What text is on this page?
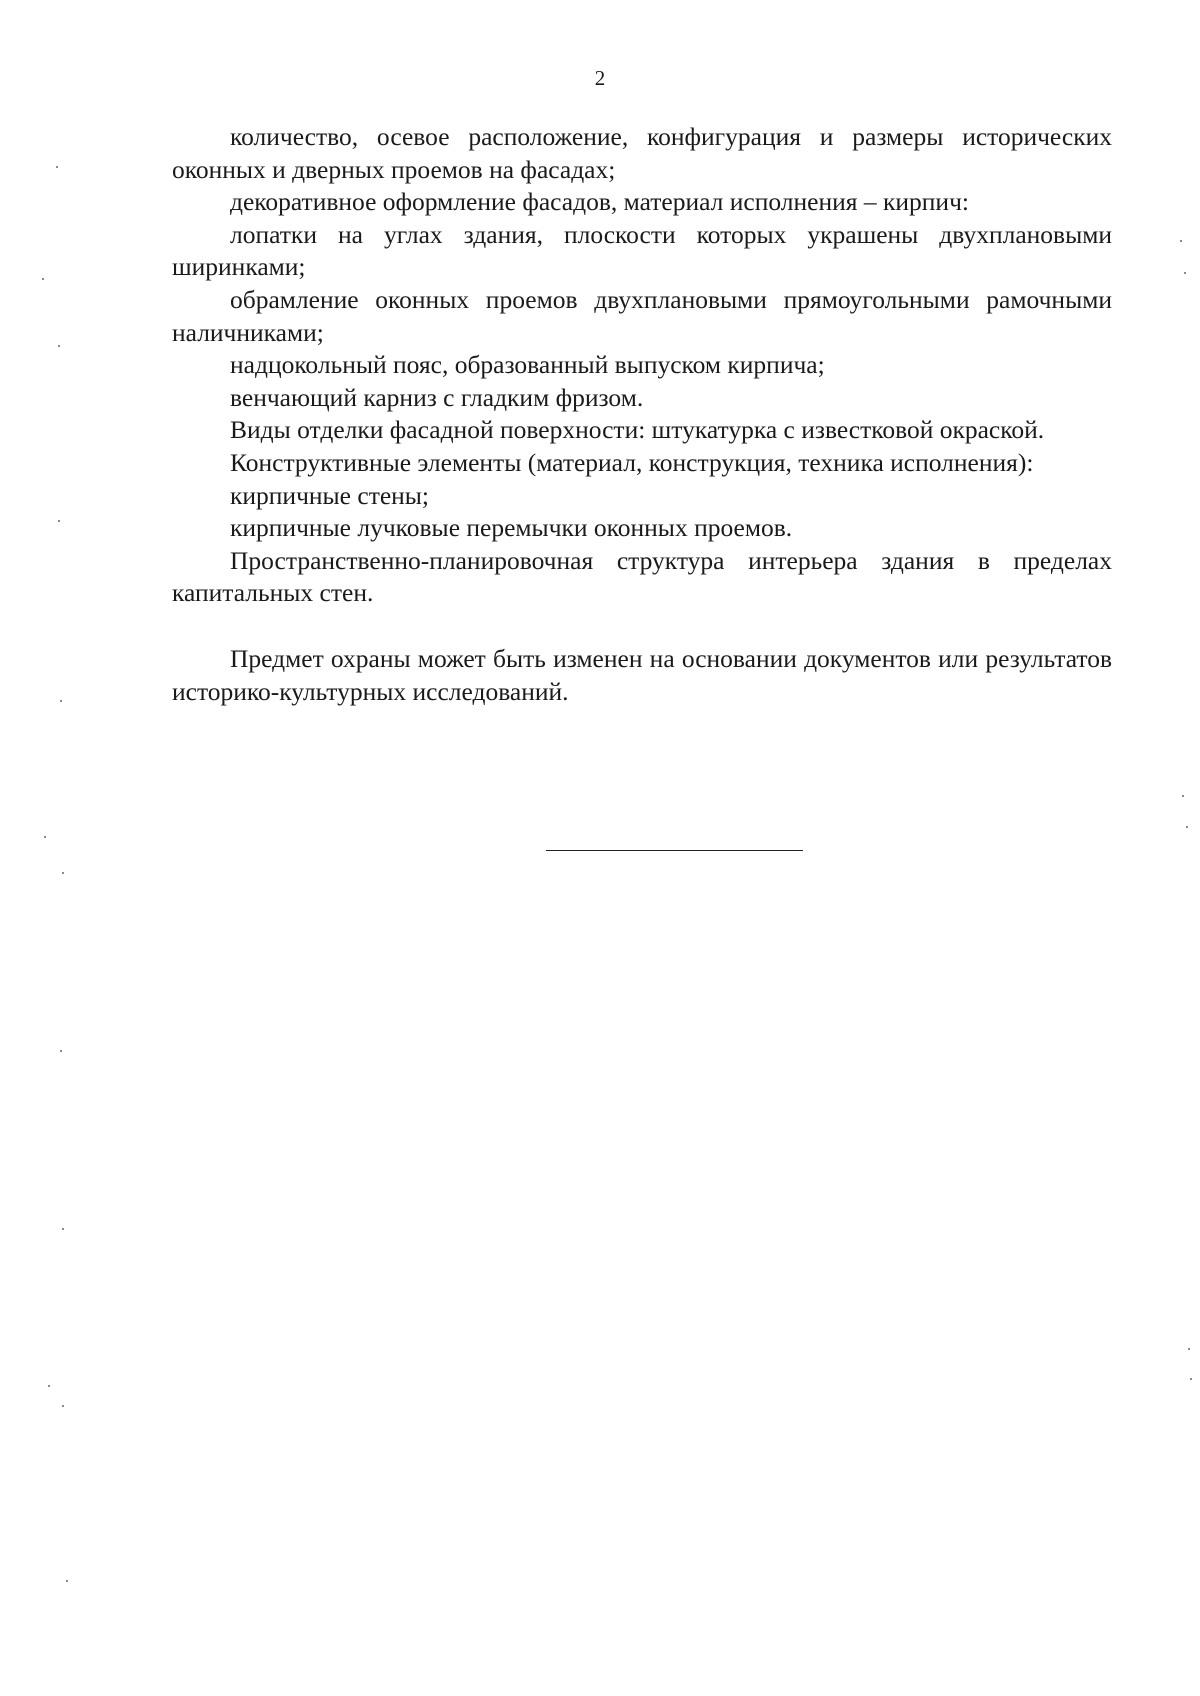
2

количество, осевое расположение, конфигурация и размеры исторических оконных и дверных проемов на фасадах;

декоративное оформление фасадов, материал исполнения – кирпич:

лопатки на углах здания, плоскости которых украшены двухплановыми ширинками;

обрамление оконных проемов двухплановыми прямоугольными рамочными наличниками;

надцокольный пояс, образованный выпуском кирпича;

венчающий карниз с гладким фризом.

Виды отделки фасадной поверхности: штукатурка с известковой окраской.

Конструктивные элементы (материал, конструкция, техника исполнения):

кирпичные стены;

кирпичные лучковые перемычки оконных проемов.

Пространственно-планировочная структура интерьера здания в пределах капитальных стен.

Предмет охраны может быть изменен на основании документов или результатов историко-культурных исследований.
